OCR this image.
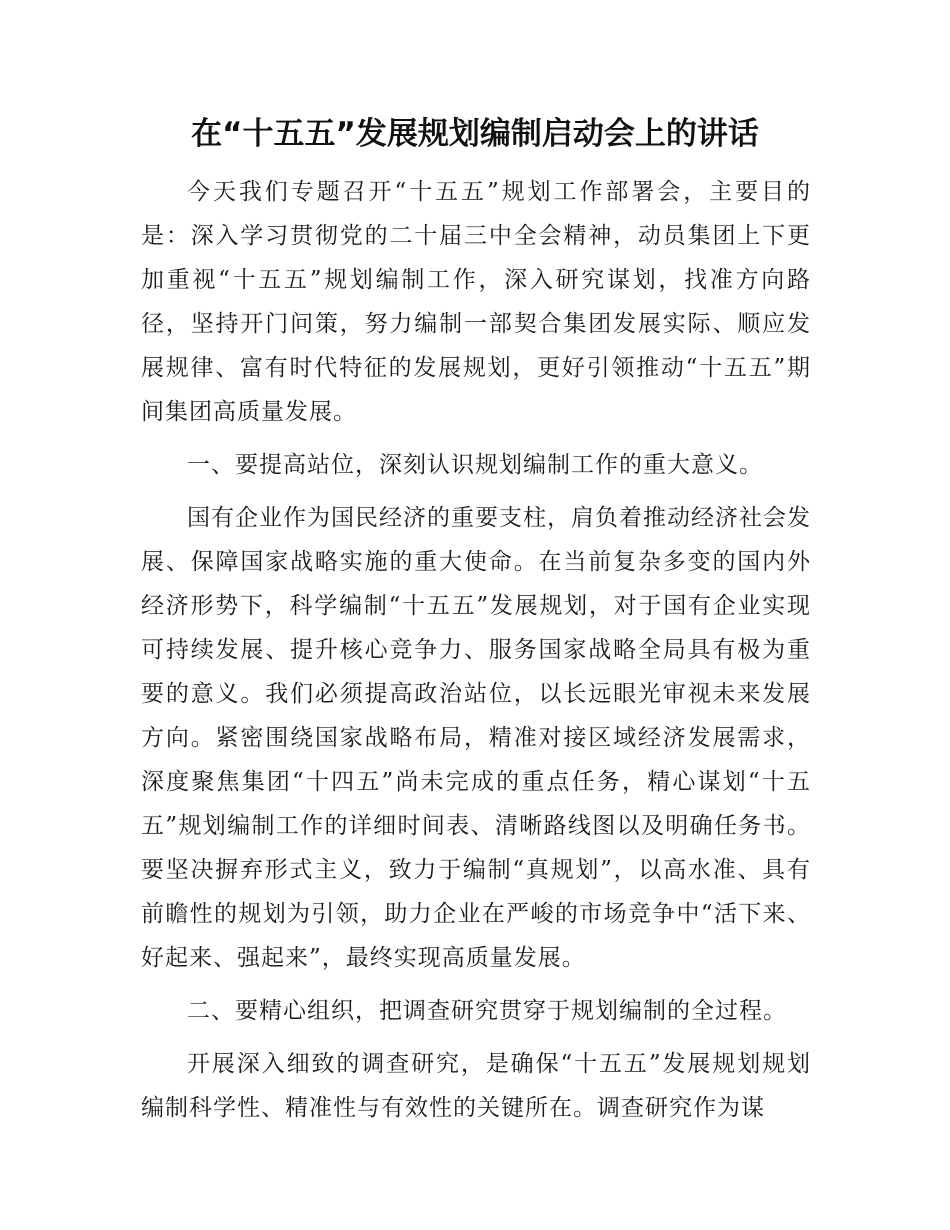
在“十五五”发展规划编制启动会上的讲话

今天我们专题召开“十五五”规划工作部署会，主要目的是：深入学习贯彻党的二十届三中全会精神，动员集团上下更加重视“十五五”规划编制工作，深入研究谋划，找准方向路径，坚持开门问策，努力编制一部契合集团发展实际、顺应发展规律、富有时代特征的发展规划，更好引领推动“十五五”期间集团高质量发展。

一、要提高站位，深刻认识规划编制工作的重大意义。

国有企业作为国民经济的重要支柱，肩负着推动经济社会发展、保障国家战略实施的重大使命。在当前复杂多变的国内外经济形势下，科学编制“十五五”发展规划，对于国有企业实现可持续发展、提升核心竞争力、服务国家战略全局具有极为重要的意义。我们必须提高政治站位，以长远眼光审视未来发展方向。紧密围绕国家战略布局，精准对接区域经济发展需求，深度聚焦集团“十四五”尚未完成的重点任务，精心谋划“十五五”规划编制工作的详细时间表、清晰路线图以及明确任务书。要坚决摒弃形式主义，致力于编制“真规划”，以高水准、具有前瞻性的规划为引领，助力企业在严峻的市场竞争中“活下来、好起来、强起来”，最终实现高质量发展。

二、要精心组织，把调查研究贯穿于规划编制的全过程。

开展深入细致的调查研究，是确保“十五五”发展规划规划编制科学性、精准性与有效性的关键所在。调查研究作为谋
